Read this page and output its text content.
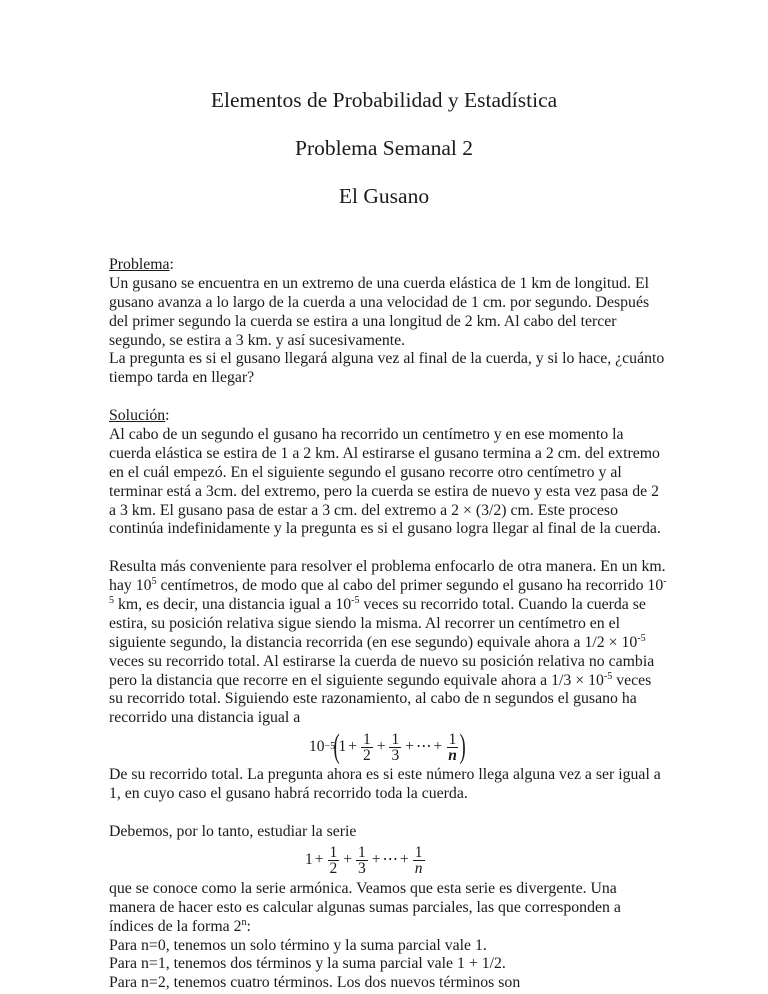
Elementos de Probabilidad y Estadística
Problema Semanal 2
El Gusano
Problema:
Un gusano se encuentra en un extremo de una cuerda elástica de 1 km de longitud. El
gusano avanza a lo largo de la cuerda a una velocidad de 1 cm. por segundo. Después
del primer segundo la cuerda se estira a una longitud de 2 km. Al cabo del tercer
segundo, se estira a 3 km. y así sucesivamente.
La pregunta es si el gusano llegará alguna vez al final de la cuerda, y si lo hace, ¿cuánto
tiempo tarda en llegar?
Solución:
Al cabo de un segundo el gusano ha recorrido un centímetro y en ese momento la
cuerda elástica se estira de 1 a 2 km. Al estirarse el gusano termina a 2 cm. del extremo
en el cuál empezó. En el siguiente segundo el gusano recorre otro centímetro y al
terminar está a 3cm. del extremo, pero la cuerda se estira de nuevo y esta vez pasa de 2
a 3 km. El gusano pasa de estar a 3 cm. del extremo a 2 × (3/2) cm. Este proceso
continúa indefinidamente y la pregunta es si el gusano logra llegar al final de la cuerda.
Resulta más conveniente para resolver el problema enfocarlo de otra manera. En un km.
hay $10^5$ centímetros, de modo que al cabo del primer segundo el gusano ha recorrido 10-
$^5$ km, es decir, una distancia igual a $10^{-5}$ veces su recorrido total. Cuando la cuerda se
estira, su posición relativa sigue siendo la misma. Al recorrer un centímetro en el
siguiente segundo, la distancia recorrida (en ese segundo) equivale ahora a $1/2 \times 10^{-5}$
veces su recorrido total. Al estirarse la cuerda de nuevo su posición relativa no cambia
pero la distancia que recorre en el siguiente segundo equivale ahora a $1/3 \times 10^{-5}$ veces
su recorrido total. Siguiendo este razonamiento, al cabo de n segundos el gusano ha
recorrido una distancia igual a
10 −5
(
$1 + \frac{1}{2} + \frac{1}{3}$ + ⋯ + $\frac{1}{n}$ )
De su recorrido total. La pregunta ahora es si este número llega alguna vez a ser igual a
1, en cuyo caso el gusano habrá recorrido toda la cuerda.
Debemos, por lo tanto, estudiar la serie
$1 + \frac{1}{2} + \frac{1}{3}$ + ⋯ + $\frac{1}{n}$
que se conoce como la serie armónica. Veamos que esta serie es divergente. Una
manera de hacer esto es calcular algunas sumas parciales, las que corresponden a
índices de la forma 2$^n$:
Para n=0, tenemos un solo término y la suma parcial vale 1.
Para n=1, tenemos dos términos y la suma parcial vale 1 + 1/2.
Para n=2, tenemos cuatro términos. Los dos nuevos términos son
